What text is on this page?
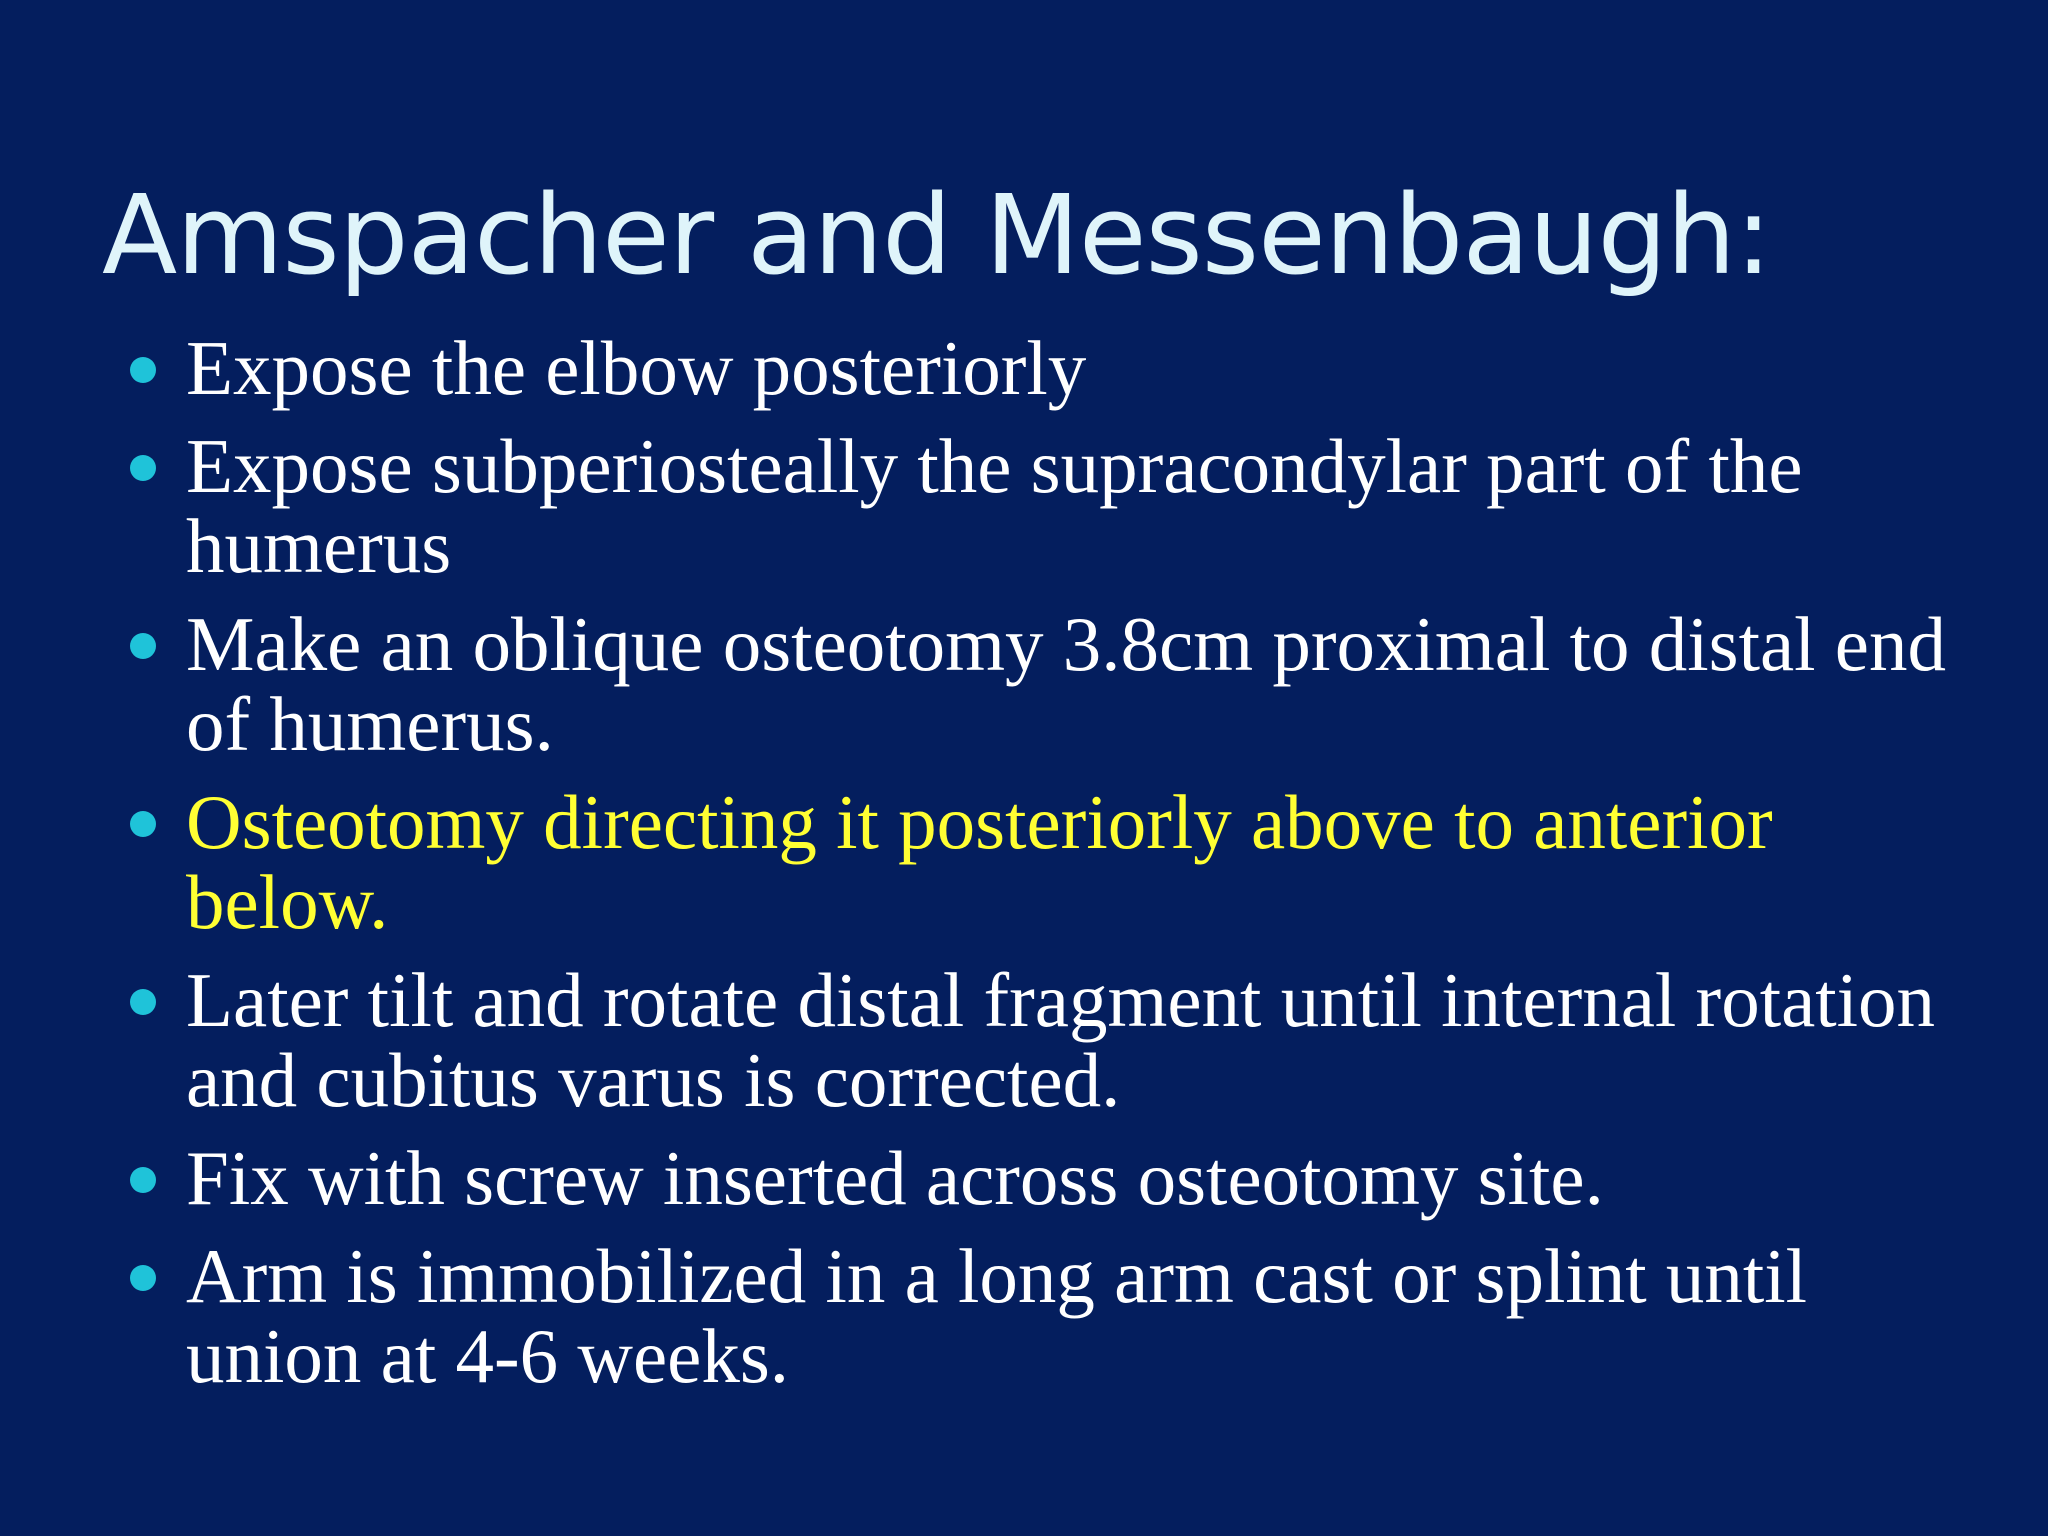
Amspacher and Messenbaugh:
Expose the elbow posteriorly
Expose subperiosteally the supracondylar part of the humerus
Make an oblique osteotomy 3.8cm proximal to distal end of humerus.
Osteotomy directing it posteriorly above to anterior below.
Later tilt and rotate distal fragment until internal rotation and cubitus varus is corrected.
Fix with screw inserted across osteotomy site.
Arm is immobilized in a long arm cast or splint until union at 4-6 weeks.
